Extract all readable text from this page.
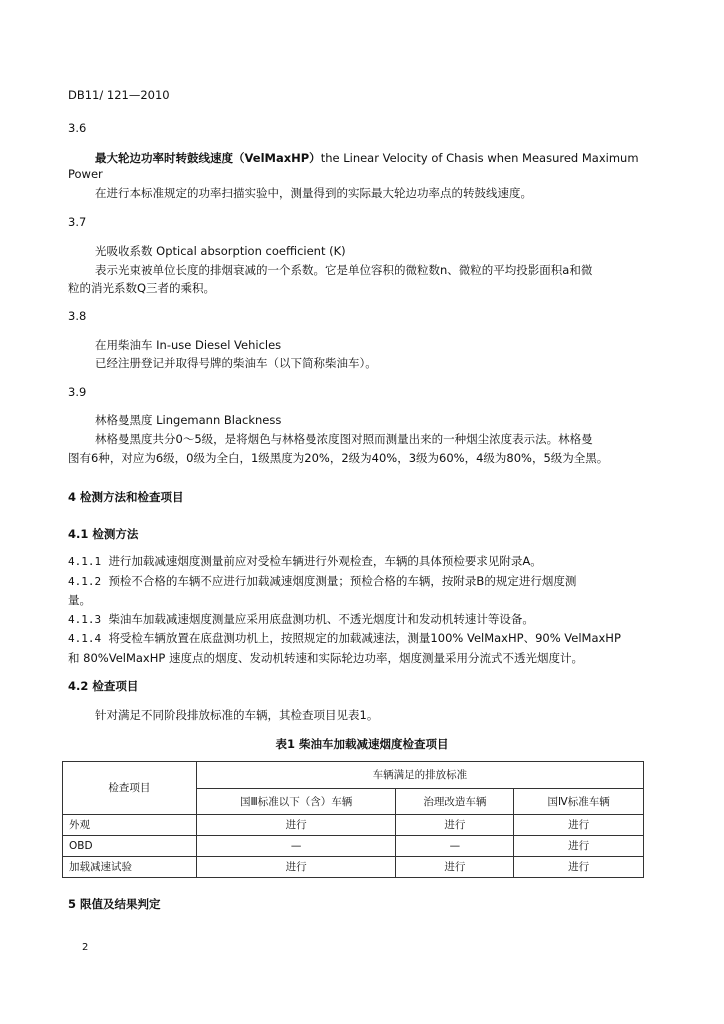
DB11/ 121—2010
3.6
最大轮边功率时转鼓线速度（VelMaxHP）the Linear Velocity of Chasis when Measured Maximum
Power
在进行本标准规定的功率扫描实验中，测量得到的实际最大轮边功率点的转鼓线速度。
3.7
光吸收系数 Optical absorption coefficient (K)
表示光束被单位长度的排烟衰减的一个系数。它是单位容积的微粒数n、微粒的平均投影面积a和微
粒的消光系数Q三者的乘积。
3.8
在用柴油车 In-use Diesel Vehicles
已经注册登记并取得号牌的柴油车（以下简称柴油车）。
3.9
林格曼黑度 Lingemann Blackness
林格曼黑度共分0～5级，是将烟色与林格曼浓度图对照而测量出来的一种烟尘浓度表示法。林格曼
图有6种，对应为6级，0级为全白，1级黑度为20%，2级为40%，3级为60%，4级为80%，5级为全黑。
4 检测方法和检查项目
4.1 检测方法
4.1.1 进行加载减速烟度测量前应对受检车辆进行外观检查，车辆的具体预检要求见附录A。
4.1.2 预检不合格的车辆不应进行加载减速烟度测量；预检合格的车辆，按附录B的规定进行烟度测
量。
4.1.3 柴油车加载减速烟度测量应采用底盘测功机、不透光烟度计和发动机转速计等设备。
4.1.4 将受检车辆放置在底盘测功机上，按照规定的加载减速法，测量100% VelMaxHP、90% VelMaxHP
和 80%VelMaxHP 速度点的烟度、发动机转速和实际轮边功率，烟度测量采用分流式不透光烟度计。
4.2 检查项目
针对满足不同阶段排放标准的车辆，其检查项目见表1。
表1 柴油车加载减速烟度检查项目
检查项目	车辆满足的排放标准		
	国Ⅲ标准以下（含）车辆	治理改造车辆	国Ⅳ标准车辆
外观	进行	进行	进行
OBD	—	—	进行
加载减速试验	进行	进行	进行
5 限值及结果判定
2
